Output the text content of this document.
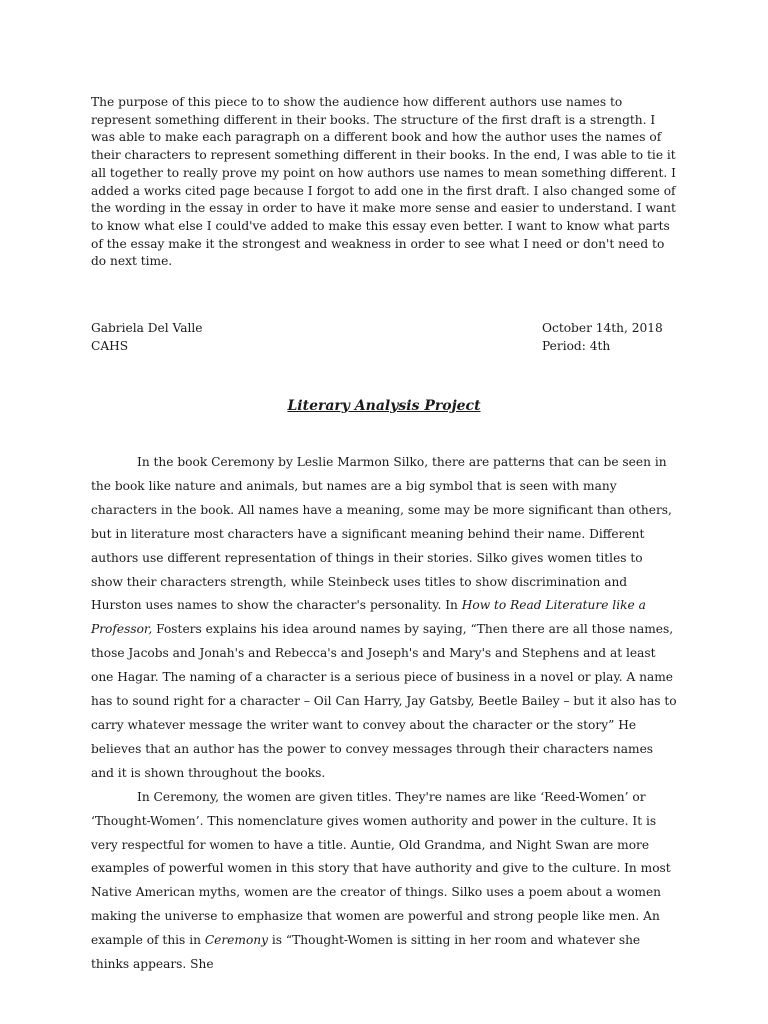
The purpose of this piece to to show the audience how different authors use names to represent something different in their books. The structure of the first draft is a strength. I was able to make each paragraph on a different book and how the author uses the names of their characters to represent something different in their books. In the end, I was able to tie it all together to really prove my point on how authors use names to mean something different. I added a works cited page because I forgot to add one in the first draft. I also changed some of the wording in the essay in order to have it make more sense and easier to understand. I want to know what else I could've added to make this essay even better. I want to know what parts of the essay make it the strongest and weakness in order to see what I need or don't need to do next time.

Gabriela Del Valle
CAHS
October 14th, 2018
Period: 4th
Literary Analysis Project

In the book Ceremony by Leslie Marmon Silko, there are patterns that can be seen in the book like nature and animals, but names are a big symbol that is seen with many characters in the book. All names have a meaning, some may be more significant than others, but in literature most characters have a significant meaning behind their name. Different authors use different representation of things in their stories. Silko gives women titles to show their characters strength, while Steinbeck uses titles to show discrimination and Hurston uses names to show the character's personality. In How to Read Literature like a Professor, Fosters explains his idea around names by saying, “Then there are all those names, those Jacobs and Jonah's and Rebecca's and Joseph's and Mary's and Stephens and at least one Hagar. The naming of a character is a serious piece of business in a novel or play. A name has to sound right for a character – Oil Can Harry, Jay Gatsby, Beetle Bailey – but it also has to carry whatever message the writer want to convey about the character or the story” He believes that an author has the power to convey messages through their characters names and it is shown throughout the books.

In Ceremony, the women are given titles. They're names are like ‘Reed-Women’ or ‘Thought-Women’. This nomenclature gives women authority and power in the culture. It is very respectful for women to have a title. Auntie, Old Grandma, and Night Swan are more examples of powerful women in this story that have authority and give to the culture. In most Native American myths, women are the creator of things. Silko uses a poem about a women making the universe to emphasize that women are powerful and strong people like men. An example of this in Ceremony is “Thought-Women is sitting in her room and whatever she thinks appears. She
